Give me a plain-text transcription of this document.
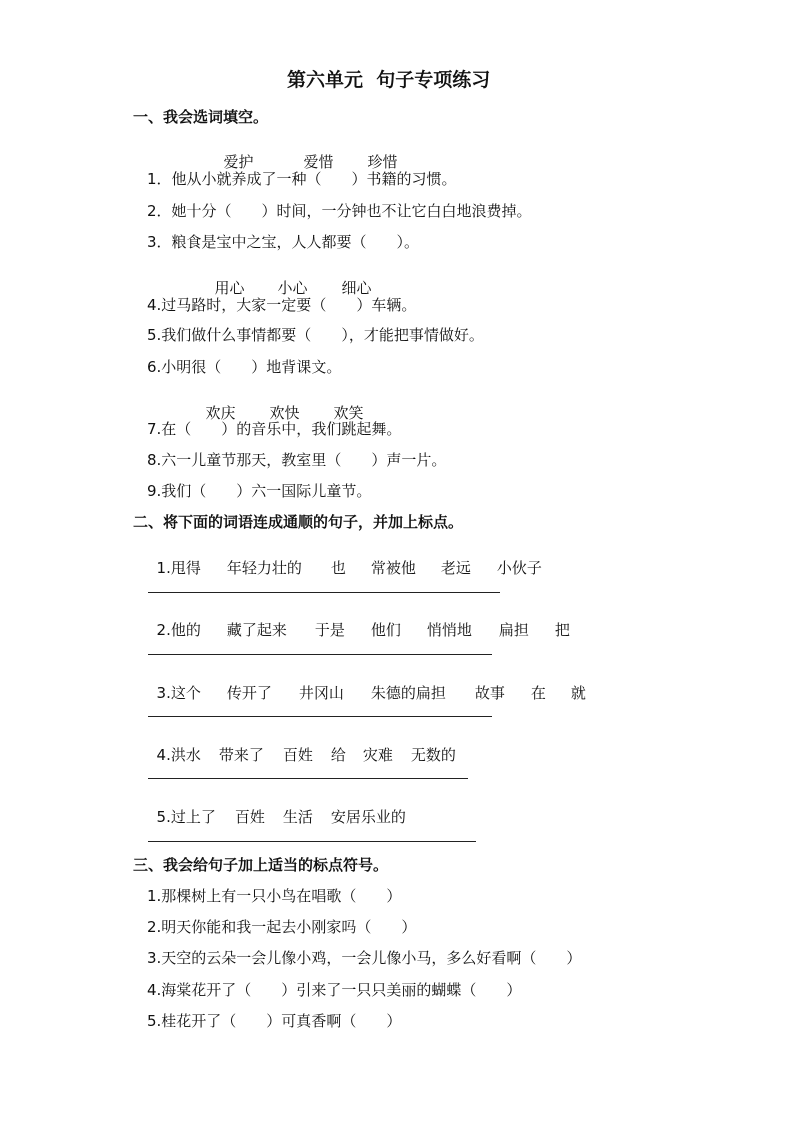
第六单元  句子专项练习
一、我会选词填空。

爱护	爱惜 珍惜

1．他从小就养成了一种（　　）书籍的习惯。
2．她十分（　　）时间，一分钟也不让它白白地浪费掉。
3．粮食是宝中之宝，人人都要（　　）。

用心 小心 细心

4.过马路时，大家一定要（　　）车辆。
5.我们做什么事情都要（　　），才能把事情做好。
6.小明很（　　）地背课文。

欢庆 欢快 欢笑

7.在（　　）的音乐中，我们跳起舞。
8.六一儿童节那天，教室里（　　）声一片。
9.我们（　　）六一国际儿童节。
二、将下面的词语连成通顺的句子，并加上标点。

1.甩得 年轻力壮的 也 常被他 老远 小伙子

2.他的 藏了起来 于是 他们 悄悄地 扁担 把

3.这个 传开了 井冈山 朱德的扁担 故事 在 就

4.洪水 带来了 百姓 给 灾难 无数的

5.过上了 百姓 生活 安居乐业的

三、我会给句子加上适当的标点符号。
1.那棵树上有一只小鸟在唱歌（　　）
2.明天你能和我一起去小刚家吗（　　）
3.天空的云朵一会儿像小鸡，一会儿像小马，多么好看啊（　　）
4.海棠花开了（　　）引来了一只只美丽的蝴蝶（　　）
5.桂花开了（　　）可真香啊（　　）
